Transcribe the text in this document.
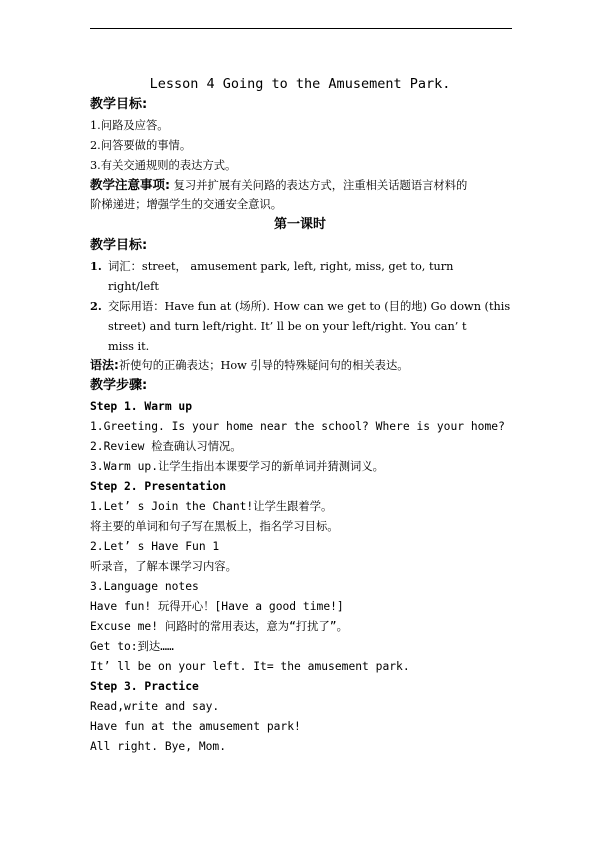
Lesson 4 Going to the Amusement Park.
教学目标:
1.问路及应答。
2.问答要做的事情。
3.有关交通规则的表达方式。
教学注意事项: 复习并扩展有关问路的表达方式，注重相关话题语言材料的
阶梯递进；增强学生的交通安全意识。
第一课时
教学目标:
1. 词汇：street， amusement park, left, right, miss, get to, turn
right/left
2. 交际用语：Have fun at (场所). How can we get to (目的地) Go down (this
street) and turn left/right. It’ ll be on your left/right. You can’ t
miss it.
语法:祈使句的正确表达；How 引导的特殊疑问句的相关表达。
教学步骤:
Step 1. Warm up
1.Greeting. Is your home near the school? Where is your home?
2.Review 检查确认习情况。
3.Warm up.让学生指出本课要学习的新单词并猜测词义。
Step 2. Presentation
1.Let’ s Join the Chant!让学生跟着学。
将主要的单词和句子写在黑板上，指名学习目标。
2.Let’ s Have Fun 1
听录音，了解本课学习内容。
3.Language notes
Have fun! 玩得开心！[Have a good time!]
Excuse me! 问路时的常用表达，意为“打扰了”。
Get to:到达……
It’ ll be on your left. It= the amusement park.
Step 3. Practice
Read,write and say.
Have fun at the amusement park!
All right. Bye, Mom.
